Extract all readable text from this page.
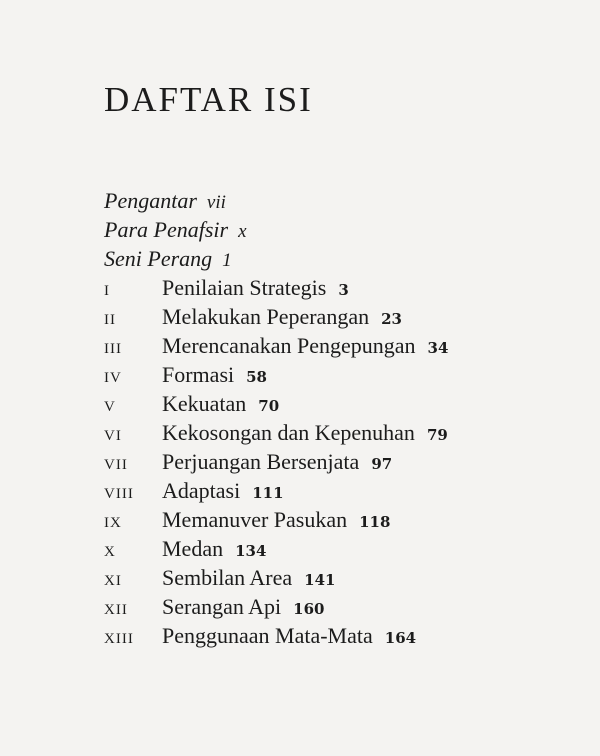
DAFTAR ISI
Pengantar vii
Para Penafsir x
Seni Perang 1
I Penilaian Strategis 3
II Melakukan Peperangan 23
III Merencanakan Pengepungan 34
IV Formasi 58
V Kekuatan 70
VI Kekosongan dan Kepenuhan 79
VII Perjuangan Bersenjata 97
VIII Adaptasi 111
IX Memanuver Pasukan 118
X Medan 134
XI Sembilan Area 141
XII Serangan Api 160
XIII Penggunaan Mata-Mata 164
